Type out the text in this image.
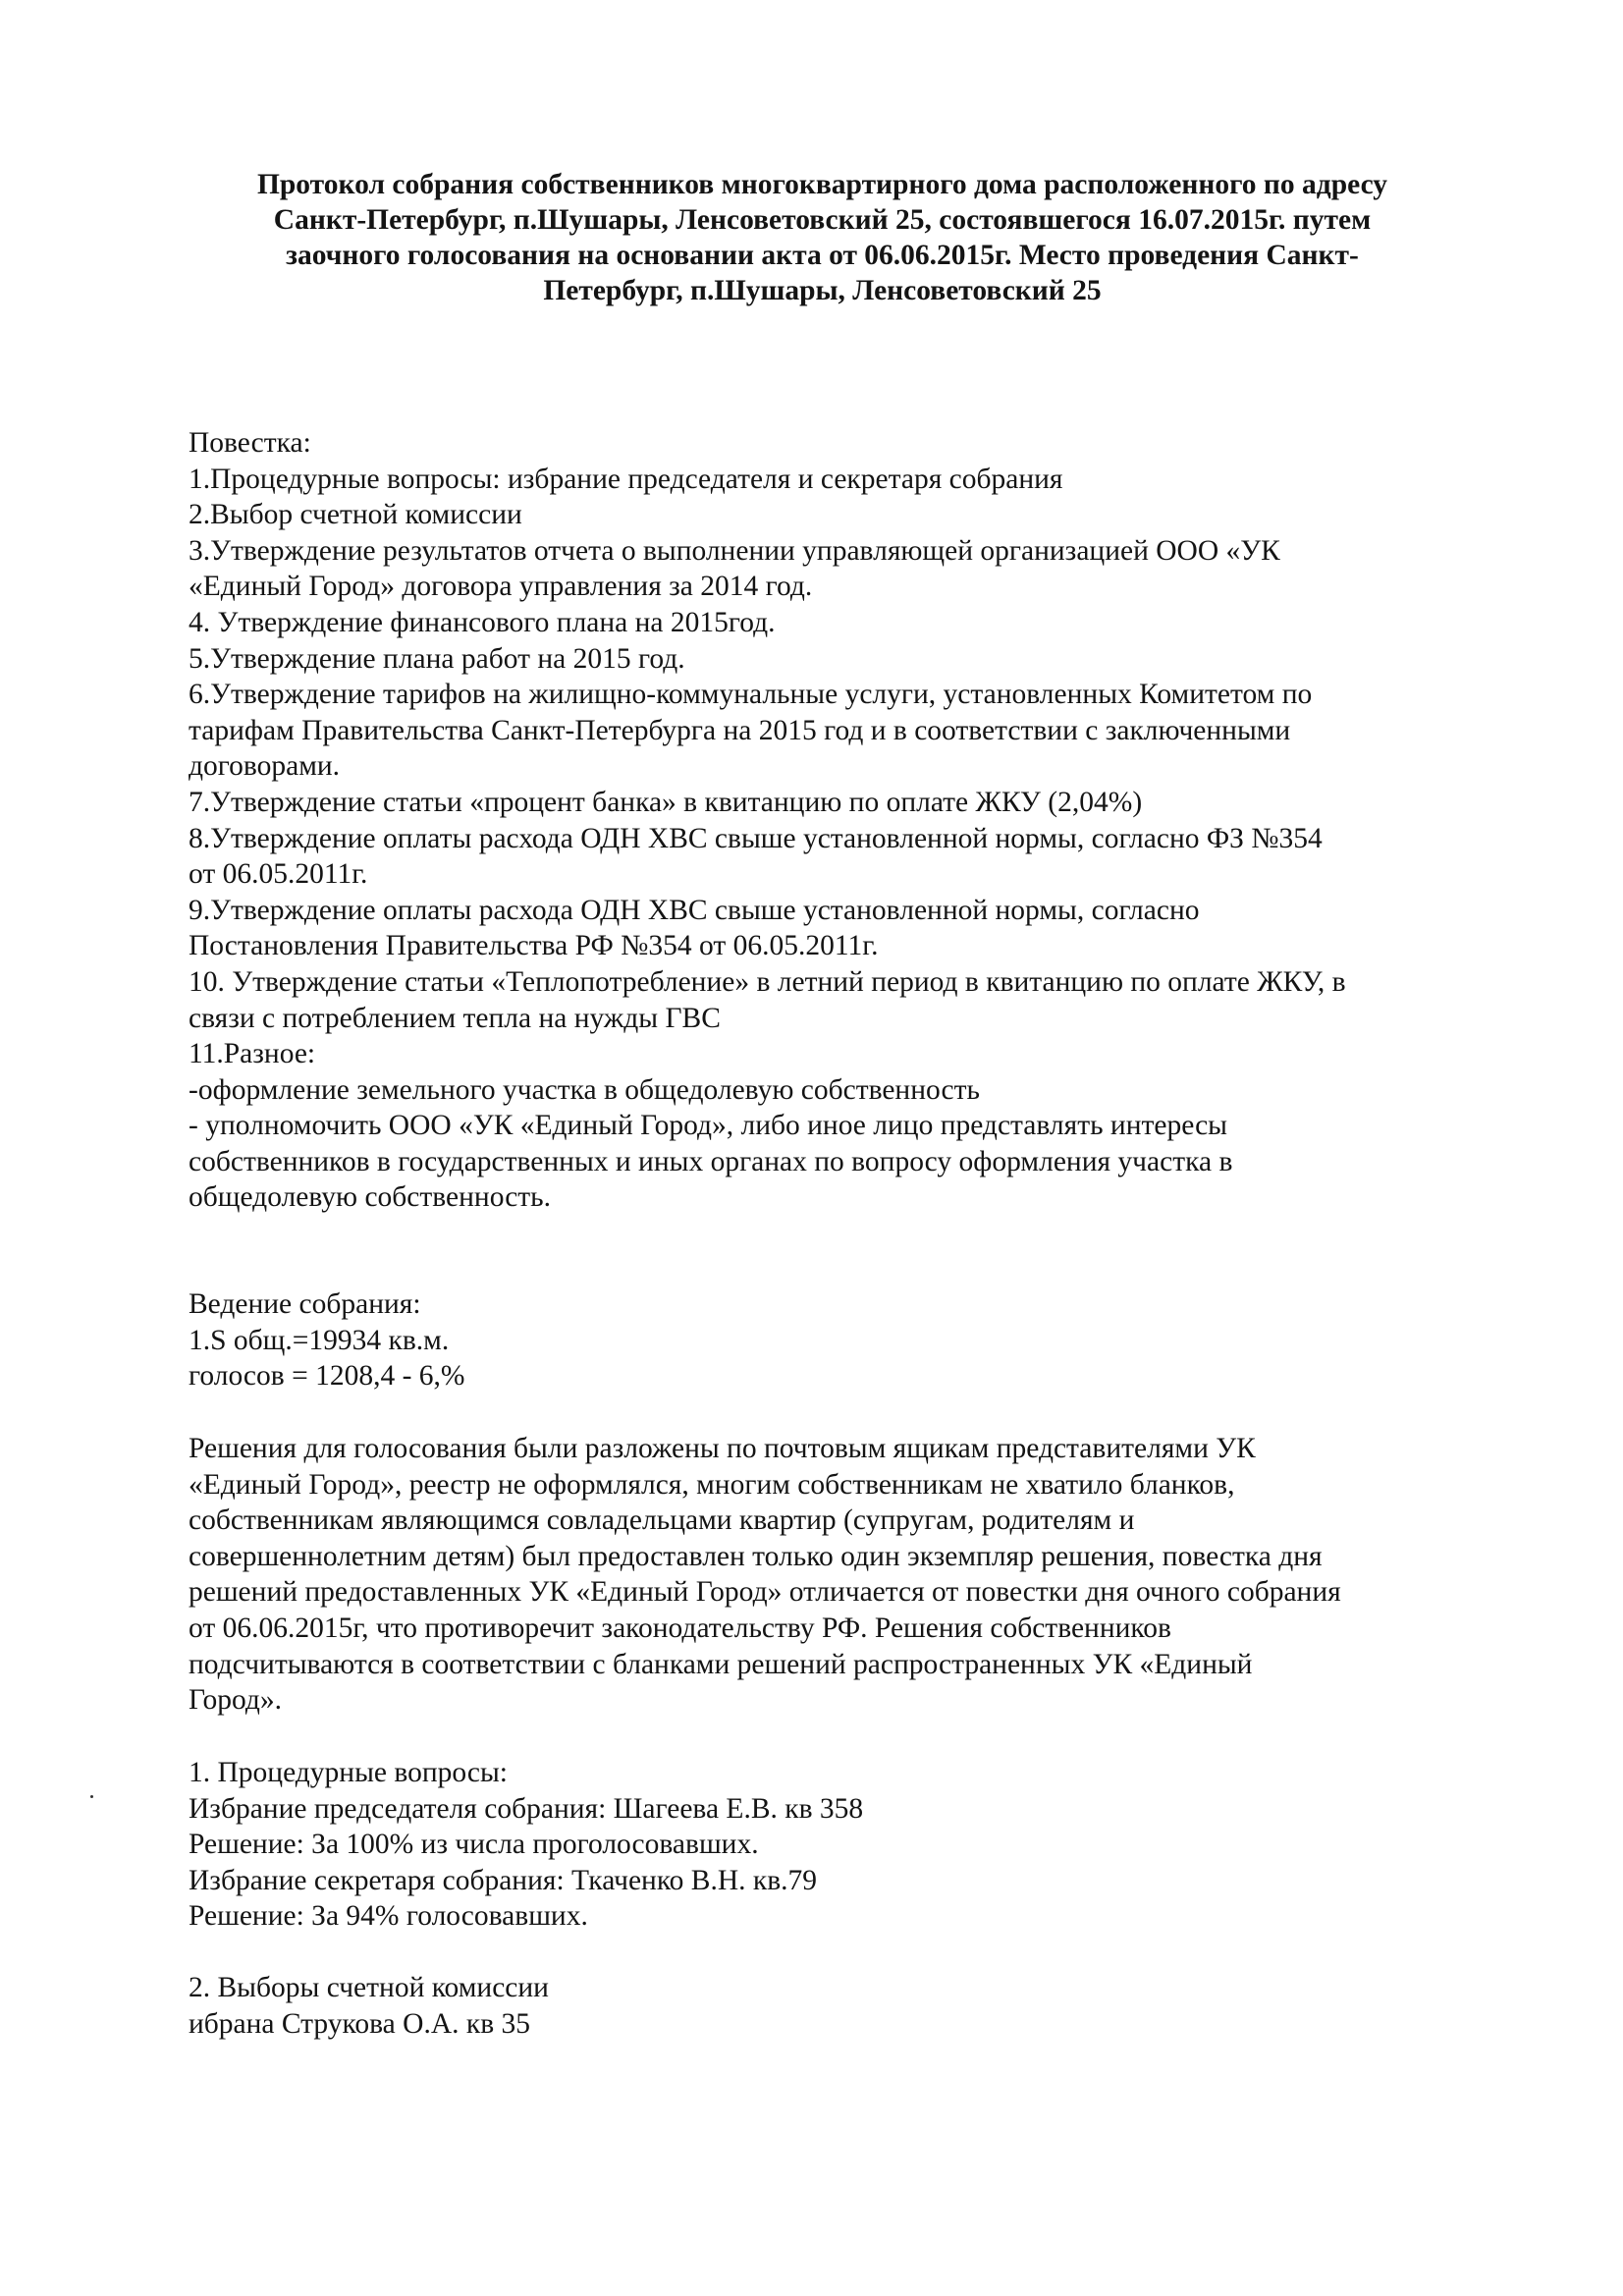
Протокол собрания собственников многоквартирного дома расположенного по адресу
Санкт-Петербург, п.Шушары, Ленсоветовский 25, состоявшегося 16.07.2015г. путем
заочного голосования на основании акта от 06.06.2015г. Место проведения Санкт-
Петербург, п.Шушары, Ленсоветовский 25
Повестка:
1.Процедурные вопросы: избрание председателя и секретаря собрания
2.Выбор счетной комиссии
3.Утверждение результатов отчета о выполнении управляющей организацией ООО «УК
«Единый Город» договора управления за 2014 год.
4. Утверждение финансового плана на 2015год.
5.Утверждение плана работ на 2015 год.
6.Утверждение тарифов на жилищно-коммунальные услуги, установленных Комитетом по
тарифам Правительства Санкт-Петербурга на 2015 год и в соответствии с заключенными
договорами.
7.Утверждение статьи «процент банка» в квитанцию по оплате ЖКУ (2,04%)
8.Утверждение оплаты расхода ОДН ХВС свыше установленной нормы, согласно ФЗ №354
от 06.05.2011г.
9.Утверждение оплаты расхода ОДН ХВС свыше установленной нормы, согласно
Постановления Правительства РФ №354 от 06.05.2011г.
10. Утверждение статьи «Теплопотребление» в летний период в квитанцию по оплате ЖКУ, в
связи с потреблением тепла на нужды ГВС
11.Разное:
-оформление земельного участка в общедолевую собственность
- уполномочить ООО «УК «Единый Город», либо иное лицо представлять интересы
собственников в государственных и иных органах по вопросу оформления участка в
общедолевую собственность.
Ведение собрания:
1.S общ.=19934 кв.м.
голосов = 1208,4 - 6,%
Решения для голосования были разложены по почтовым ящикам представителями УК
«Единый Город», реестр не оформлялся, многим собственникам не хватило бланков,
собственникам являющимся совладельцами квартир (супругам, родителям и
совершеннолетним детям) был предоставлен только один экземпляр решения, повестка дня
решений предоставленных УК «Единый Город» отличается от повестки дня очного собрания
от 06.06.2015г, что противоречит законодательству РФ. Решения собственников
подсчитываются в соответствии с бланками решений распространенных УК «Единый
Город».
1. Процедурные вопросы:
Избрание председателя собрания: Шагеева Е.В. кв 358
Решение: За 100% из числа проголосовавших.
Избрание секретаря собрания: Ткаченко В.Н. кв.79
Решение: За 94% голосовавших.
2. Выборы счетной комиссии
ибрана Струкова О.А. кв 35
